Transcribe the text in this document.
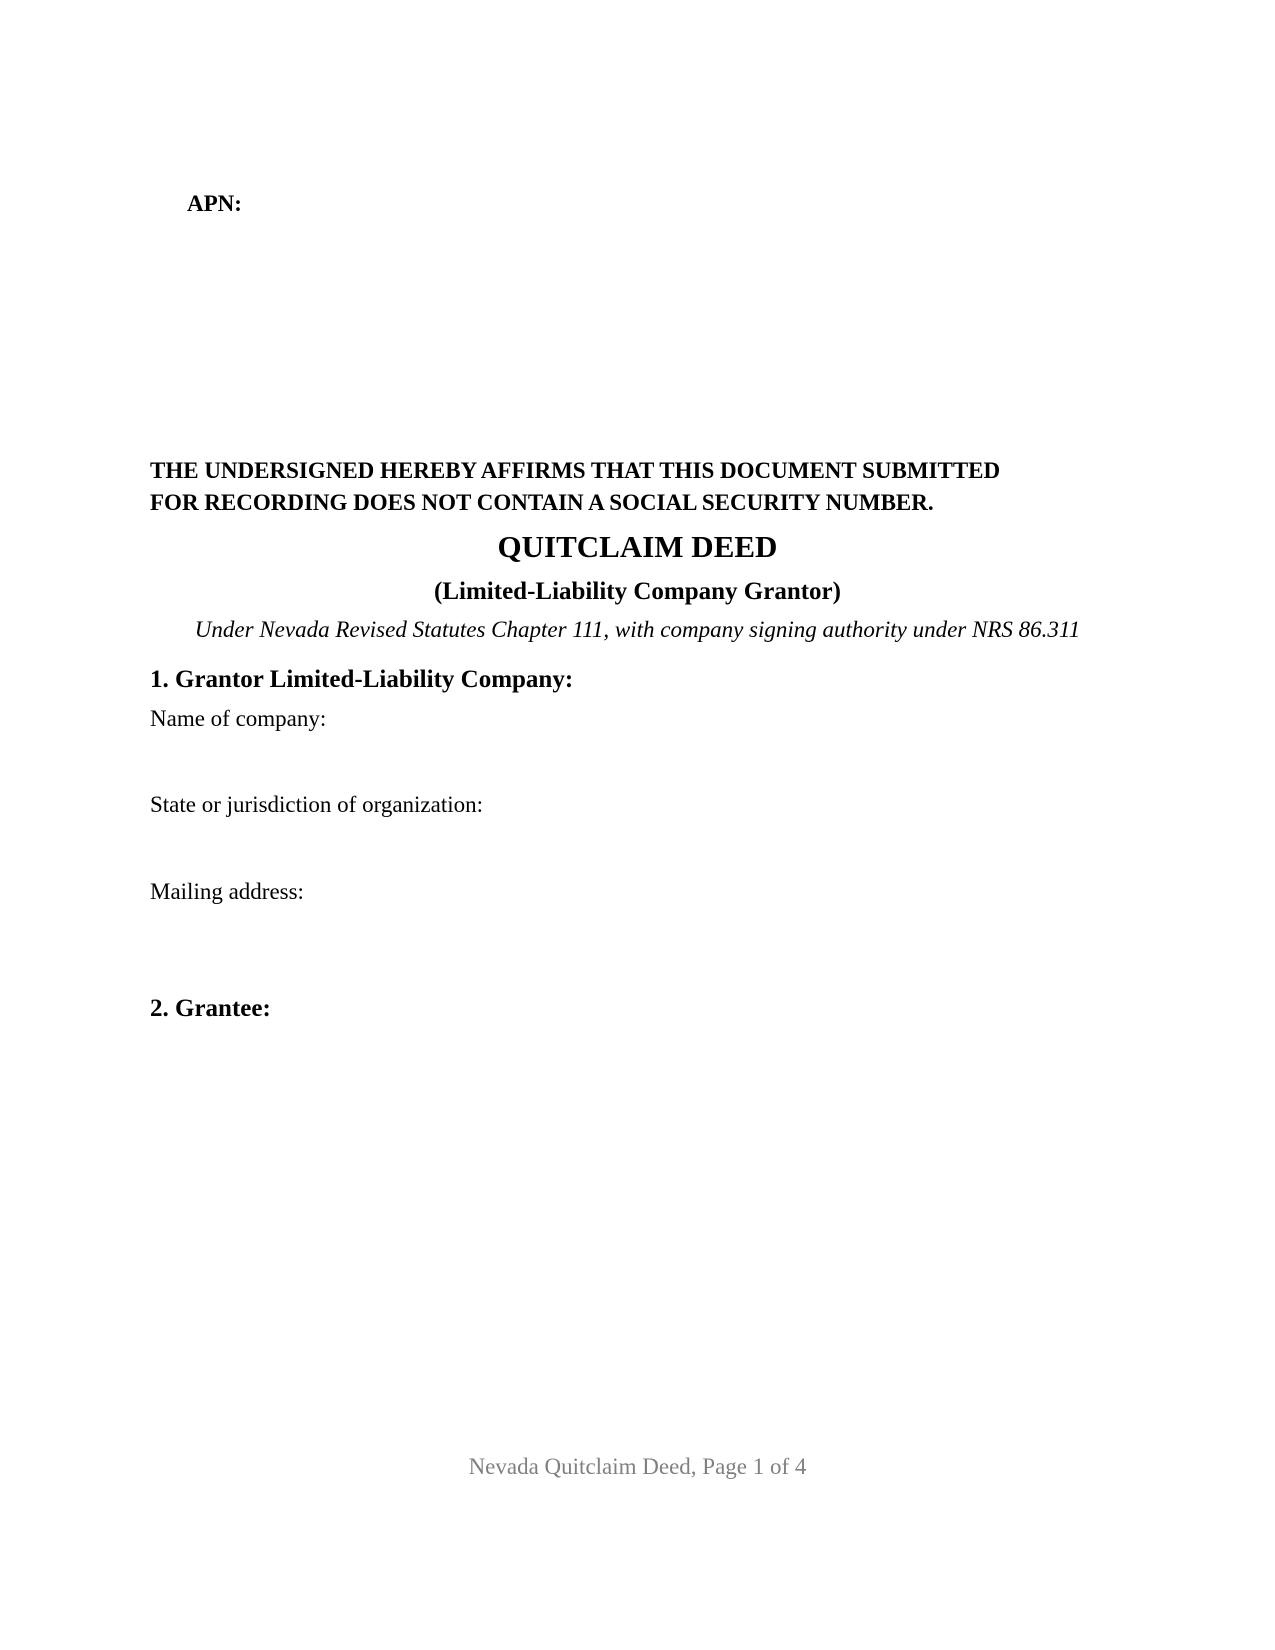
APN:
THE UNDERSIGNED HEREBY AFFIRMS THAT THIS DOCUMENT SUBMITTED
FOR RECORDING DOES NOT CONTAIN A SOCIAL SECURITY NUMBER.
QUITCLAIM DEED
(Limited-Liability Company Grantor)
Under Nevada Revised Statutes Chapter 111, with company signing authority under NRS 86.311
1. Grantor Limited-Liability Company:
Name of company:
State or jurisdiction of organization:
Mailing address:
2. Grantee:
Nevada Quitclaim Deed, Page 1 of 4
